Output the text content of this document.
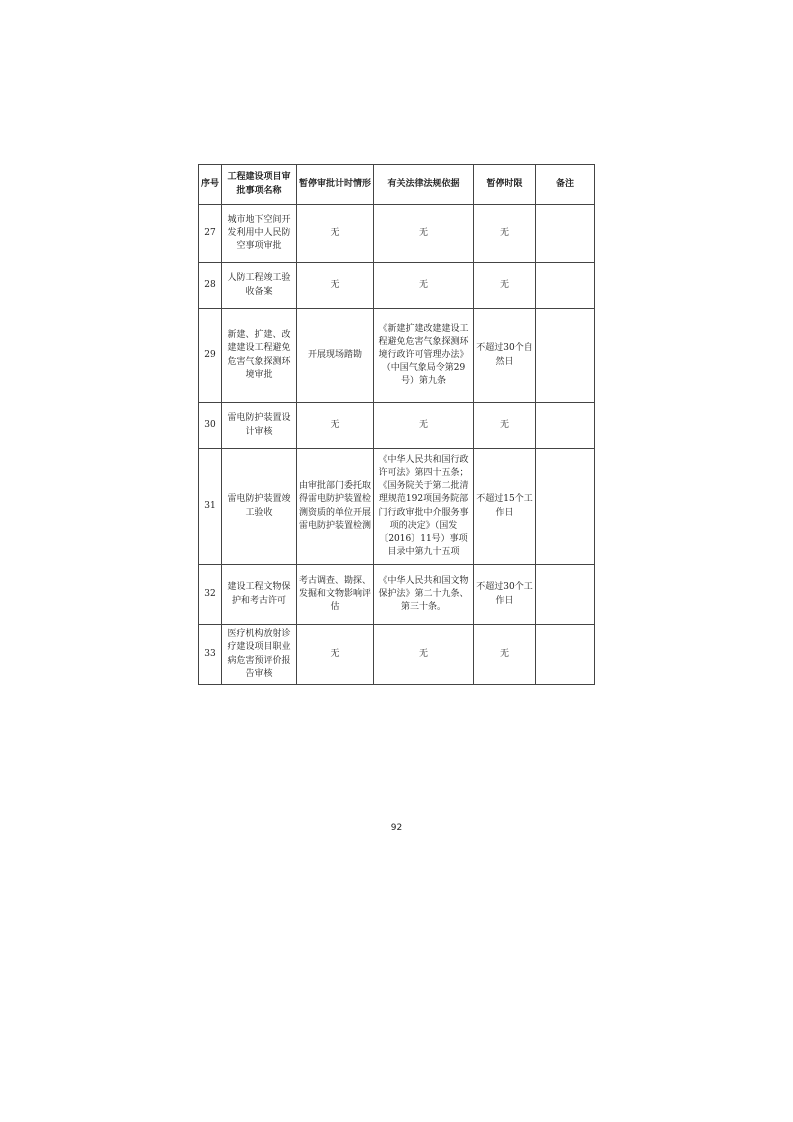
序号	工程建设项目审批事项名称	暂停审批计时情形	有关法律法规依据	暂停时限	备注
27	城市地下空间开发利用中人民防空事项审批	无	无	无	
28	人防工程竣工验收备案	无	无	无	
29	新建、扩建、改建建设工程避免危害气象探测环境审批	开展现场踏勘	《新建扩建改建建设工程避免危害气象探测环境行政许可管理办法》（中国气象局令第29号）第九条	不超过30个自然日	
30	雷电防护装置设计审核	无	无	无	
31	雷电防护装置竣工验收	由审批部门委托取得雷电防护装置检测资质的单位开展雷电防护装置检测	《中华人民共和国行政许可法》第四十五条；《国务院关于第二批清理规范192项国务院部门行政审批中介服务事项的决定》（国发〔2016〕11号）事项目录中第九十五项	不超过15个工作日	
32	建设工程文物保护和考古许可	考古调查、勘探、发掘和文物影响评估	《中华人民共和国文物保护法》第二十九条、第三十条。	不超过30个工作日	
33	医疗机构放射诊疗建设项目职业病危害预评价报告审核	无	无	无	
92
